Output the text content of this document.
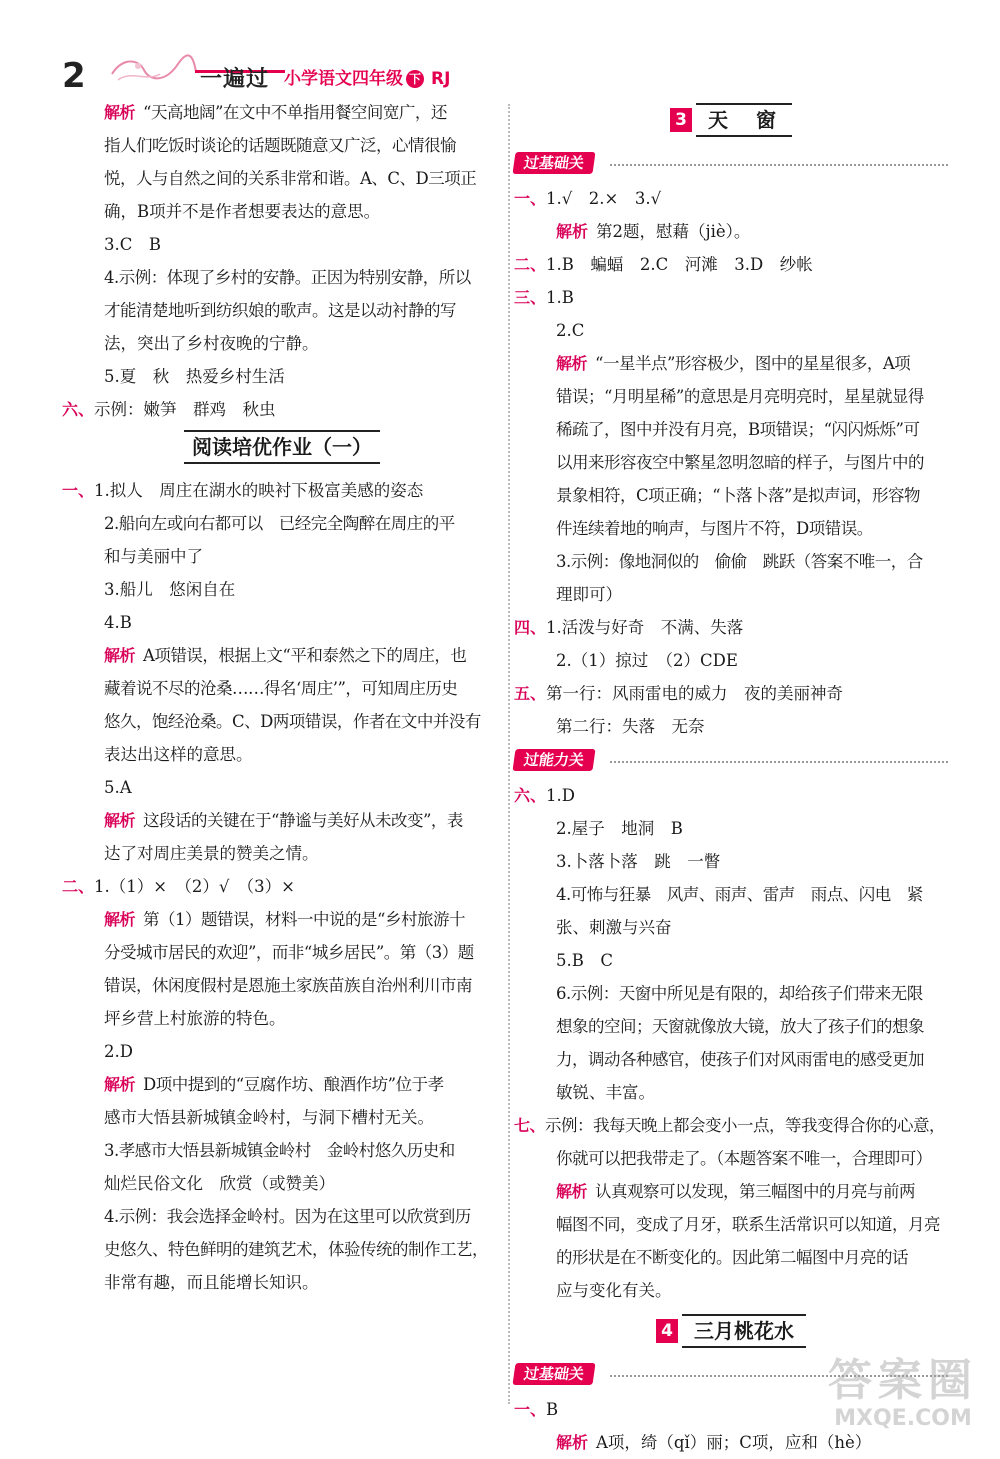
2	一遍过 小学语文四年级 下 RJ
解析 “天高地阔”在文中不单指用餐空间宽广，还
指人们吃饭时谈论的话题既随意又广泛，心情很愉
悦，人与自然之间的关系非常和谐。A、C、D三项正
确，B项并不是作者想要表达的意思。
3.C　B
4.示例：体现了乡村的安静。正因为特别安静，所以
才能清楚地听到纺织娘的歌声。这是以动衬静的写
法，突出了乡村夜晚的宁静。
5.夏　秋　热爱乡村生活
六、示例：嫩笋　群鸡　秋虫
阅读培优作业（一）
一、1.拟人　周庄在湖水的映衬下极富美感的姿态
2.船向左或向右都可以　已经完全陶醉在周庄的平
和与美丽中了
3.船儿　悠闲自在
4.B
解析 A项错误，根据上文“平和泰然之下的周庄，也
藏着说不尽的沧桑……得名‘周庄’”，可知周庄历史
悠久，饱经沧桑。C、D两项错误，作者在文中并没有
表达出这样的意思。
5.A
解析 这段话的关键在于“静谧与美好从未改变”，表
达了对周庄美景的赞美之情。
二、1.（1）×　（2）√　（3）×
解析 第（1）题错误，材料一中说的是“乡村旅游十
分受城市居民的欢迎”，而非“城乡居民”。第（3）题
错误，休闲度假村是恩施土家族苗族自治州利川市南
坪乡营上村旅游的特色。
2.D
解析 D项中提到的“豆腐作坊、酿酒作坊”位于孝
感市大悟县新城镇金岭村，与洞下槽村无关。
3.孝感市大悟县新城镇金岭村　金岭村悠久历史和
灿烂民俗文化　欣赏（或赞美）
4.示例：我会选择金岭村。因为在这里可以欣赏到历
史悠久、特色鲜明的建筑艺术，体验传统的制作工艺，
非常有趣，而且能增长知识。
3 天　窗
过基础关
一、1.√　2.×　3.√
解析 第2题，慰藉（jiè）。
二、1.B　蝙蝠　2.C　河滩　3.D　纱帐
三、1.B
2.C
解析 “一星半点”形容极少，图中的星星很多，A项
错误；“月明星稀”的意思是月亮明亮时，星星就显得
稀疏了，图中并没有月亮，B项错误；“闪闪烁烁”可
以用来形容夜空中繁星忽明忽暗的样子，与图片中的
景象相符，C项正确；“卜落卜落”是拟声词，形容物
件连续着地的响声，与图片不符，D项错误。
3.示例：像地洞似的　偷偷　跳跃（答案不唯一，合
理即可）
四、1.活泼与好奇　不满、失落
2.（1）掠过　（2）CDE
五、第一行：风雨雷电的威力　夜的美丽神奇
第二行：失落　无奈
过能力关
六、1.D
2.屋子　地洞　B
3.卜落卜落　跳　一瞥
4.可怖与狂暴　风声、雨声、雷声　雨点、闪电　紧
张、刺激与兴奋
5.B　C
6.示例：天窗中所见是有限的，却给孩子们带来无限
想象的空间；天窗就像放大镜，放大了孩子们的想象
力，调动各种感官，使孩子们对风雨雷电的感受更加
敏锐、丰富。
七、示例：我每天晚上都会变小一点，等我变得合你的心意，
你就可以把我带走了。（本题答案不唯一，合理即可）
解析 认真观察可以发现，第三幅图中的月亮与前两
幅图不同，变成了月牙，联系生活常识可以知道，月亮
的形状是在不断变化的。因此第二幅图中月亮的话
应与变化有关。
4 三月桃花水
过基础关
一、B
解析 A项，绮（qǐ）丽；C项，应和（hè）
答案圈
MXQE.COM
